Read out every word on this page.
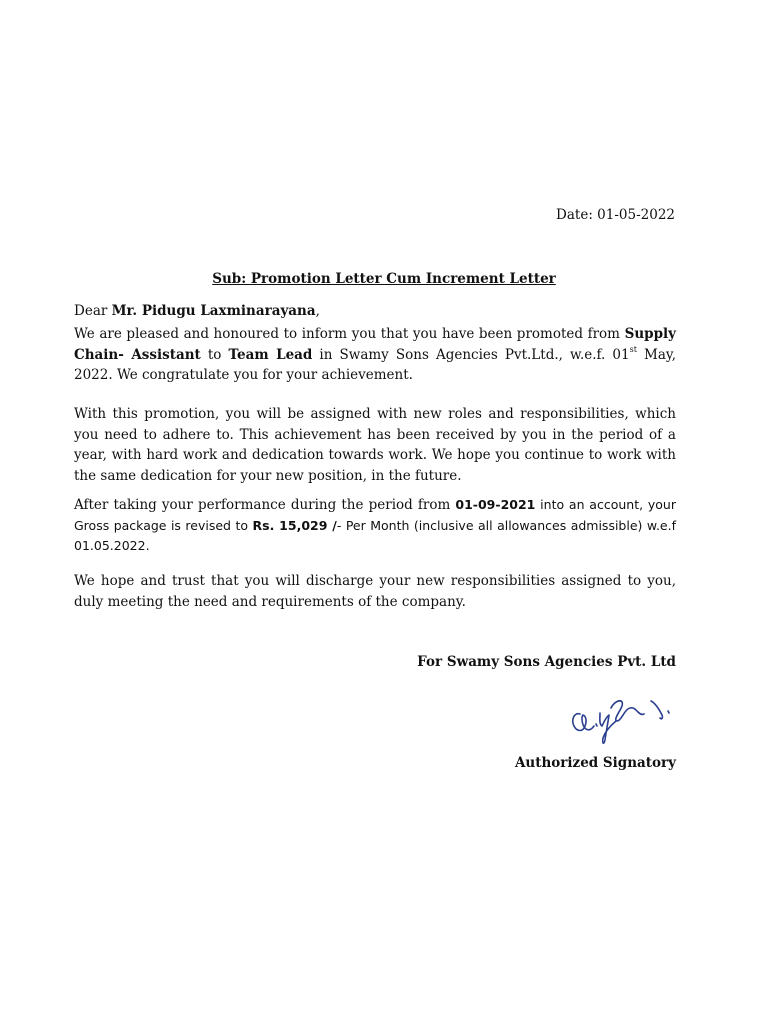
Date: 01-05-2022
Sub: Promotion Letter Cum Increment Letter
Dear Mr. Pidugu Laxminarayana,
We are pleased and honoured to inform you that you have been promoted from Supply Chain- Assistant to Team Lead in Swamy Sons Agencies Pvt.Ltd., w.e.f. 01st May, 2022. We congratulate you for your achievement.
With this promotion, you will be assigned with new roles and responsibilities, which you need to adhere to. This achievement has been received by you in the period of a year, with hard work and dedication towards work. We hope you continue to work with the same dedication for your new position, in the future.
After taking your performance during the period from 01-09-2021 into an account, your Gross package is revised to Rs. 15,029 /- Per Month (inclusive all allowances admissible) w.e.f 01.05.2022.
We hope and trust that you will discharge your new responsibilities assigned to you, duly meeting the need and requirements of the company.
For Swamy Sons Agencies Pvt. Ltd
Authorized Signatory
